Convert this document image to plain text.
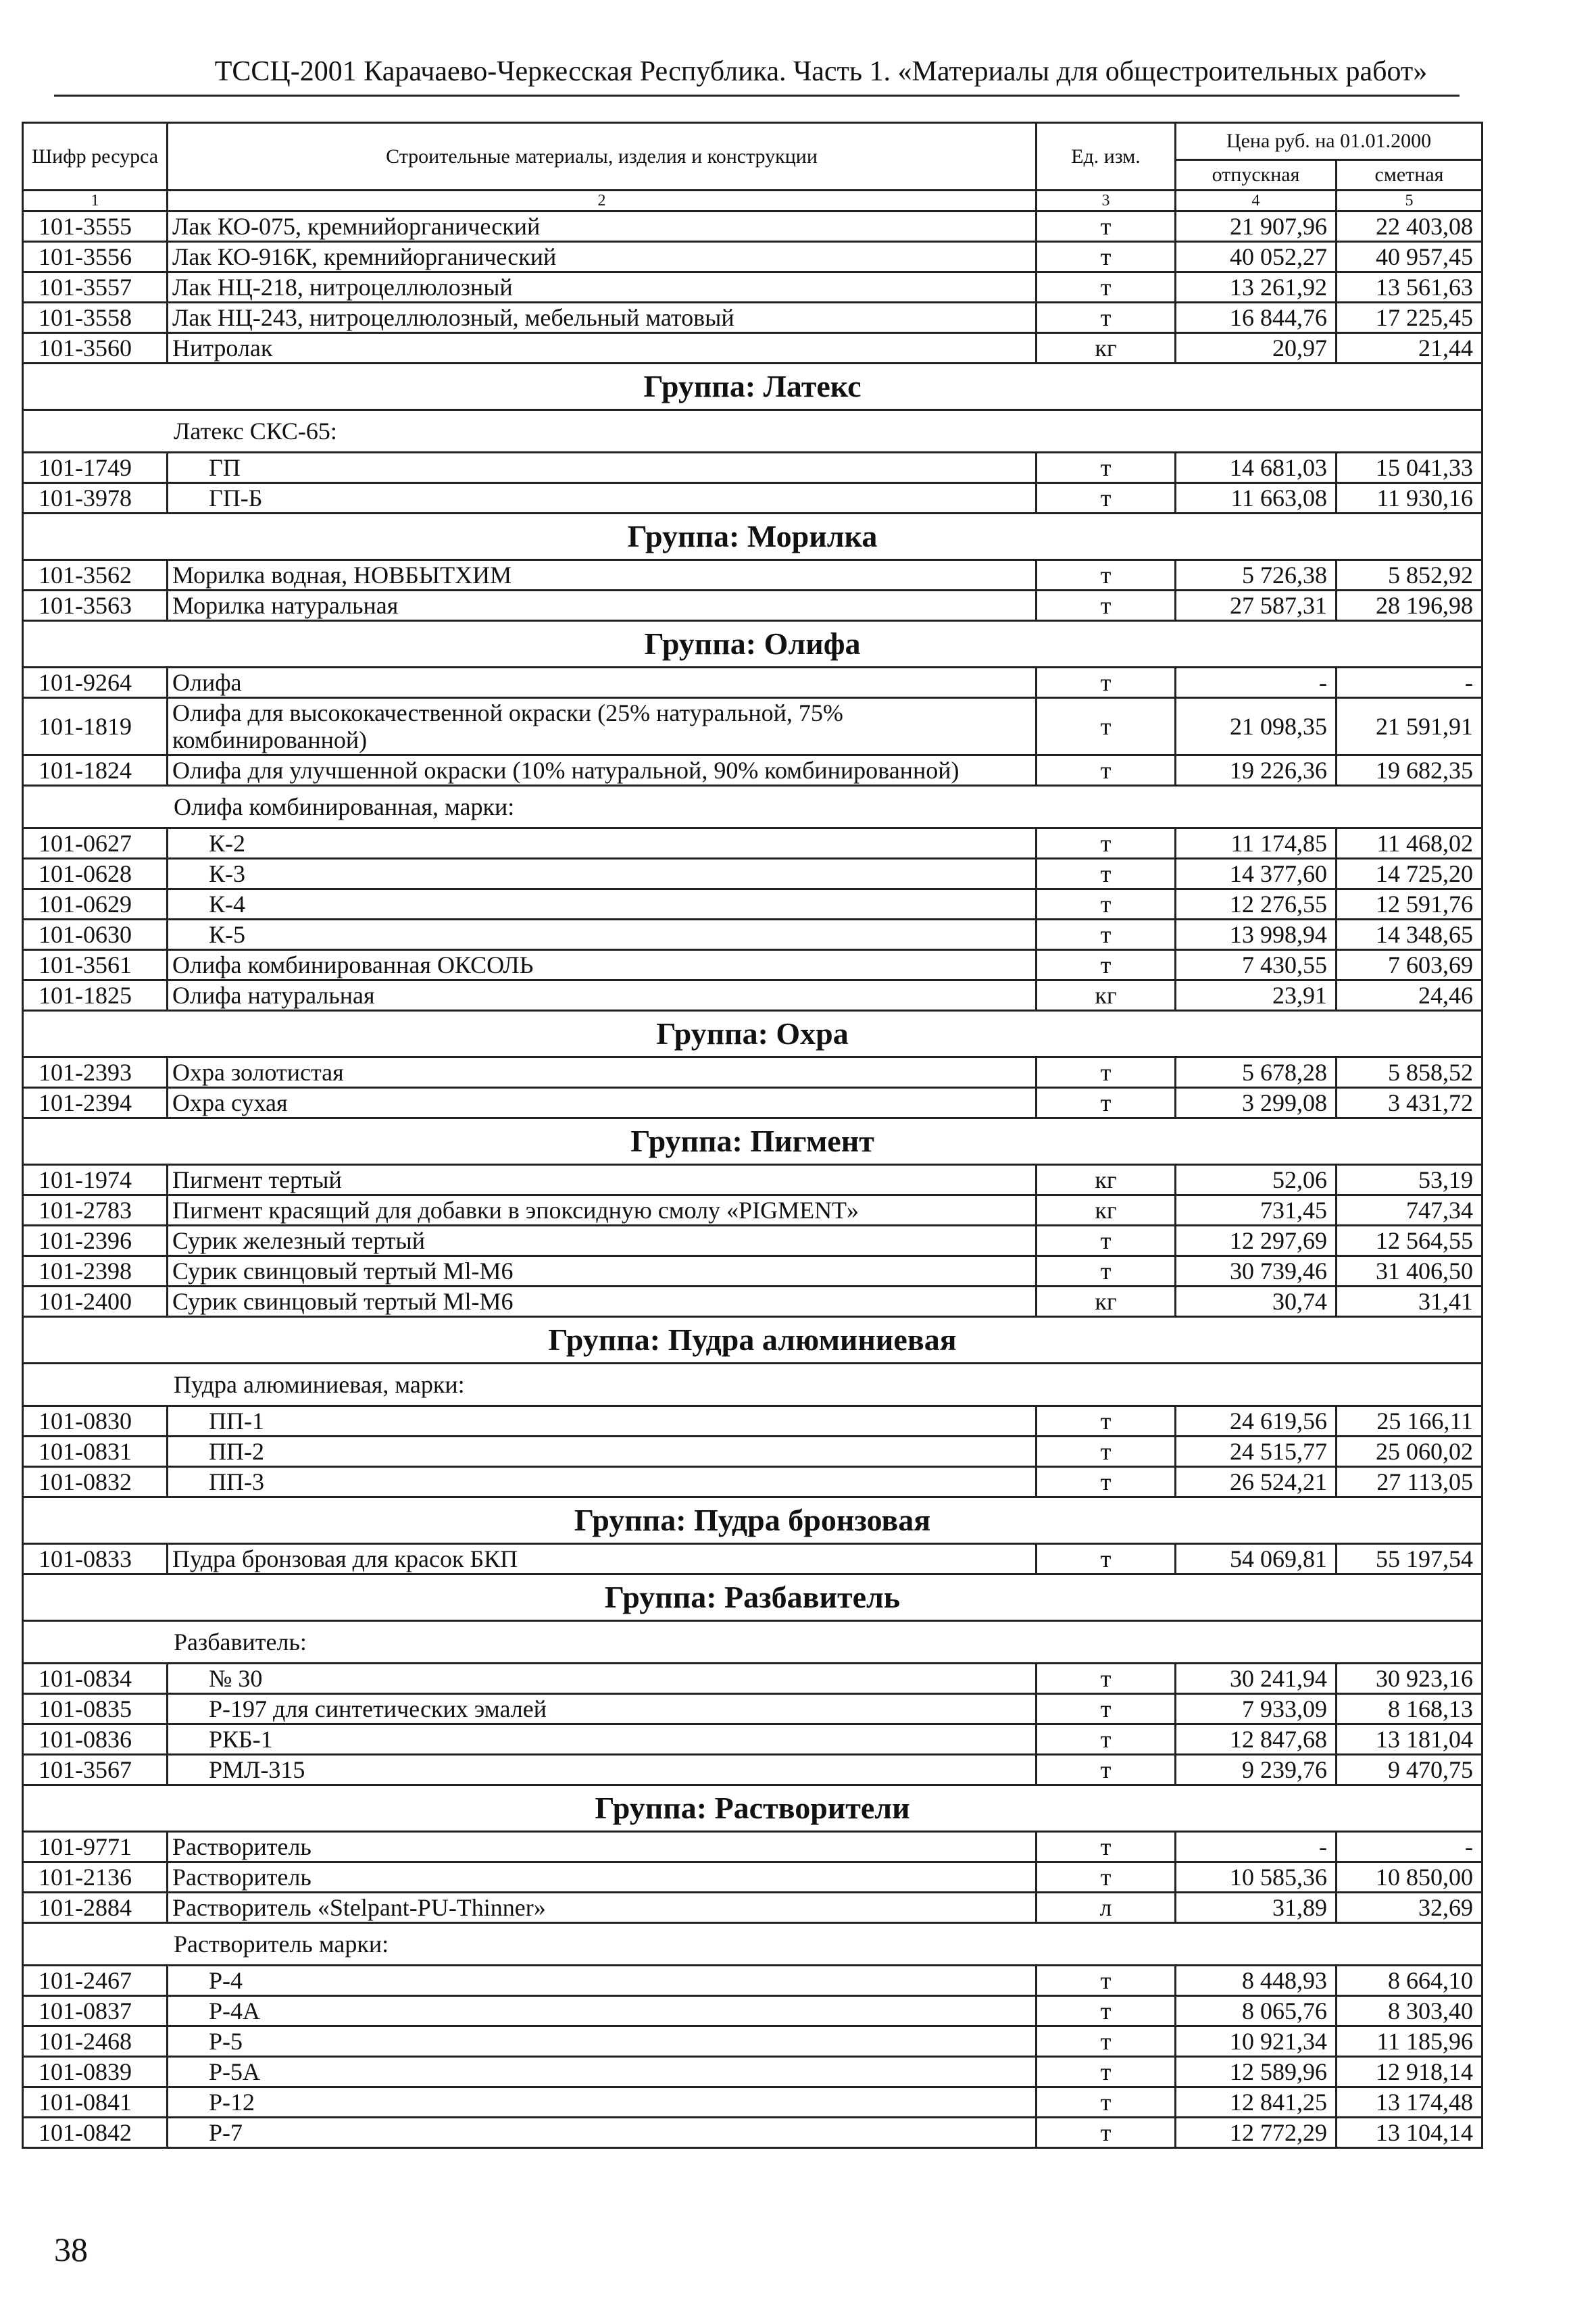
ТССЦ-2001 Карачаево-Черкесская Республика. Часть 1. «Материалы для общестроительных работ»
Шифр ресурса	Строительные материалы, изделия и конструкции	Ед. изм.	Цена руб. на 01.01.2000	
			отпускная	сметная
1	2	3	4	5
101-3555	Лак КО-075, кремнийорганический	т	21 907,96	22 403,08
101-3556	Лак КО-916К, кремнийорганический	т	40 052,27	40 957,45
101-3557	Лак НЦ-218, нитроцеллюлозный	т	13 261,92	13 561,63
101-3558	Лак НЦ-243, нитроцеллюлозный, мебельный матовый	т	16 844,76	17 225,45
101-3560	Нитролак	кг	20,97	21,44
Группа: Латекс				
Латекс СКС-65:				
101-1749	ГП	т	14 681,03	15 041,33
101-3978	ГП-Б	т	11 663,08	11 930,16
Группа: Морилка				
101-3562	Морилка водная, НОВБЫТХИМ	т	5 726,38	5 852,92
101-3563	Морилка натуральная	т	27 587,31	28 196,98
Группа: Олифа				
101-9264	Олифа	т	-	-
101-1819	Олифа для высококачественной окраски (25% натуральной, 75% комбинированной)	т	21 098,35	21 591,91
101-1824	Олифа для улучшенной окраски (10% натуральной, 90% комбинированной)	т	19 226,36	19 682,35
Олифа комбинированная, марки:				
101-0627	К-2	т	11 174,85	11 468,02
101-0628	К-3	т	14 377,60	14 725,20
101-0629	К-4	т	12 276,55	12 591,76
101-0630	К-5	т	13 998,94	14 348,65
101-3561	Олифа комбинированная ОКСОЛЬ	т	7 430,55	7 603,69
101-1825	Олифа натуральная	кг	23,91	24,46
Группа: Охра				
101-2393	Охра золотистая	т	5 678,28	5 858,52
101-2394	Охра сухая	т	3 299,08	3 431,72
Группа: Пигмент				
101-1974	Пигмент тертый	кг	52,06	53,19
101-2783	Пигмент красящий для добавки в эпоксидную смолу «PIGMENT»	кг	731,45	747,34
101-2396	Сурик железный тертый	т	12 297,69	12 564,55
101-2398	Сурик свинцовый тертый Ml-M6	т	30 739,46	31 406,50
101-2400	Сурик свинцовый тертый Ml-M6	кг	30,74	31,41
Группа: Пудра алюминиевая				
Пудра алюминиевая, марки:				
101-0830	ПП-1	т	24 619,56	25 166,11
101-0831	ПП-2	т	24 515,77	25 060,02
101-0832	ПП-3	т	26 524,21	27 113,05
Группа: Пудра бронзовая				
101-0833	Пудра бронзовая для красок БКП	т	54 069,81	55 197,54
Группа: Разбавитель				
Разбавитель:				
101-0834	№ 30	т	30 241,94	30 923,16
101-0835	Р-197 для синтетических эмалей	т	7 933,09	8 168,13
101-0836	РКБ-1	т	12 847,68	13 181,04
101-3567	РМЛ-315	т	9 239,76	9 470,75
Группа: Растворители				
101-9771	Растворитель	т	-	-
101-2136	Растворитель	т	10 585,36	10 850,00
101-2884	Растворитель «Stelpant-PU-Thinner»	л	31,89	32,69
Растворитель марки:				
101-2467	Р-4	т	8 448,93	8 664,10
101-0837	Р-4А	т	8 065,76	8 303,40
101-2468	Р-5	т	10 921,34	11 185,96
101-0839	Р-5А	т	12 589,96	12 918,14
101-0841	Р-12	т	12 841,25	13 174,48
101-0842	Р-7	т	12 772,29	13 104,14
38
